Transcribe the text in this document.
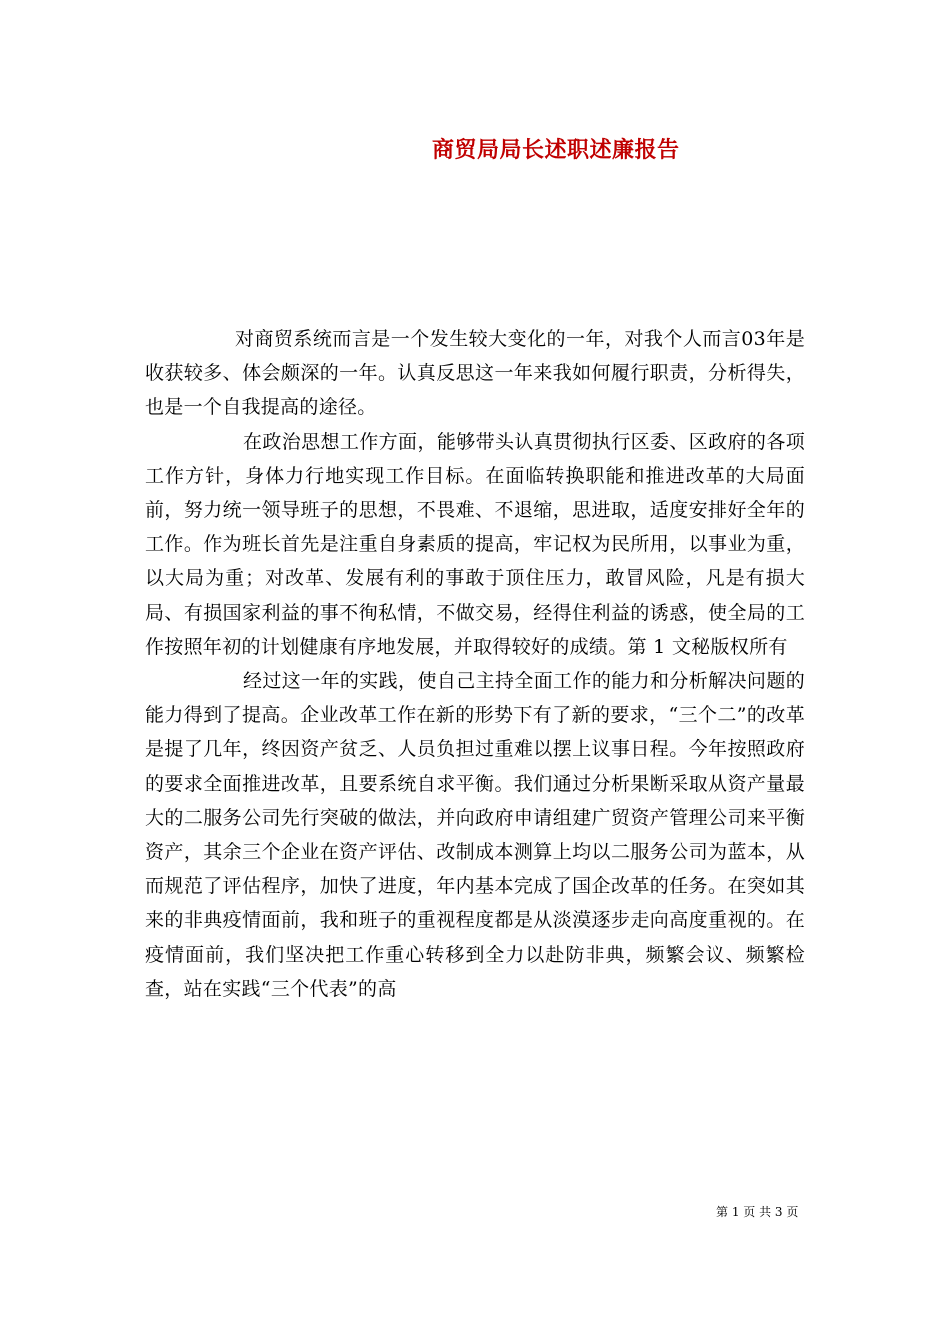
商贸局局长述职述廉报告

对商贸系统而言是一个发生较大变化的一年，对我个人而言03年是收获较多、体会颇深的一年。认真反思这一年来我如何履行职责，分析得失，也是一个自我提高的途径。

在政治思想工作方面，能够带头认真贯彻执行区委、区政府的各项工作方针，身体力行地实现工作目标。在面临转换职能和推进改革的大局面前，努力统一领导班子的思想，不畏难、不退缩，思进取，适度安排好全年的工作。作为班长首先是注重自身素质的提高，牢记权为民所用，以事业为重，以大局为重；对改革、发展有利的事敢于顶住压力，敢冒风险，凡是有损大局、有损国家利益的事不徇私情，不做交易，经得住利益的诱惑，使全局的工作按照年初的计划健康有序地发展，并取得较好的成绩。第 1 文秘版权所有

经过这一年的实践，使自己主持全面工作的能力和分析解决问题的能力得到了提高。企业改革工作在新的形势下有了新的要求，“三个二”的改革是提了几年，终因资产贫乏、人员负担过重难以摆上议事日程。今年按照政府的要求全面推进改革，且要系统自求平衡。我们通过分析果断采取从资产量最大的二服务公司先行突破的做法，并向政府申请组建广贸资产管理公司来平衡资产，其余三个企业在资产评估、改制成本测算上均以二服务公司为蓝本，从而规范了评估程序，加快了进度，年内基本完成了国企改革的任务。在突如其来的非典疫情面前，我和班子的重视程度都是从淡漠逐步走向高度重视的。在疫情面前，我们坚决把工作重心转移到全力以赴防非典，频繁会议、频繁检查，站在实践“三个代表”的高

第 1 页 共 3 页
